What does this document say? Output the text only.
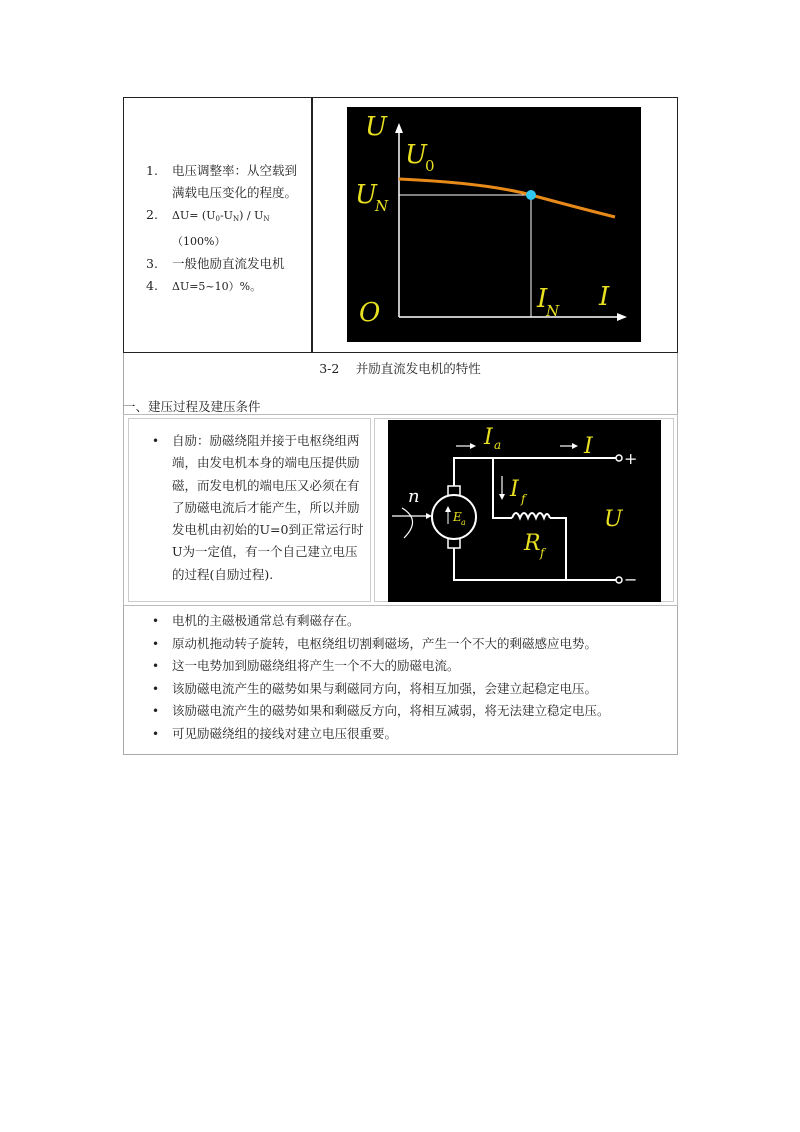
1. 电压调整率：从空载到
满载电压变化的程度。
2. $\Delta U= (U_0-U_N) / U_N(100\%)$
3. 一般他励直流发电机
4. ΔU=5~10）%。
U
U
0
U
N
O	I
N I
3-2　 并励直流发电机的特性
一、建压过程及建压条件
• 自励：励磁绕阻并接于电枢绕组两
端，由发电机本身的端电压提供励
磁，而发电机的端电压又必须在有
了励磁电流后才能产生，所以并励
发电机由初始的U=0到正常运行时
U为一定值，有一个自己建立电压
的过程(自励过程).
I a	I +
−
I f
n
E a	U
R f
• 电机的主磁极通常总有剩磁存在。
• 原动机拖动转子旋转，电枢绕组切割剩磁场，产生一个不大的剩磁感应电势。
• 这一电势加到励磁绕组将产生一个不大的励磁电流。
• 该励磁电流产生的磁势如果与剩磁同方向，将相互加强，会建立起稳定电压。
• 该励磁电流产生的磁势如果和剩磁反方向，将相互减弱，将无法建立稳定电压。
• 可见励磁绕组的接线对建立电压很重要。
